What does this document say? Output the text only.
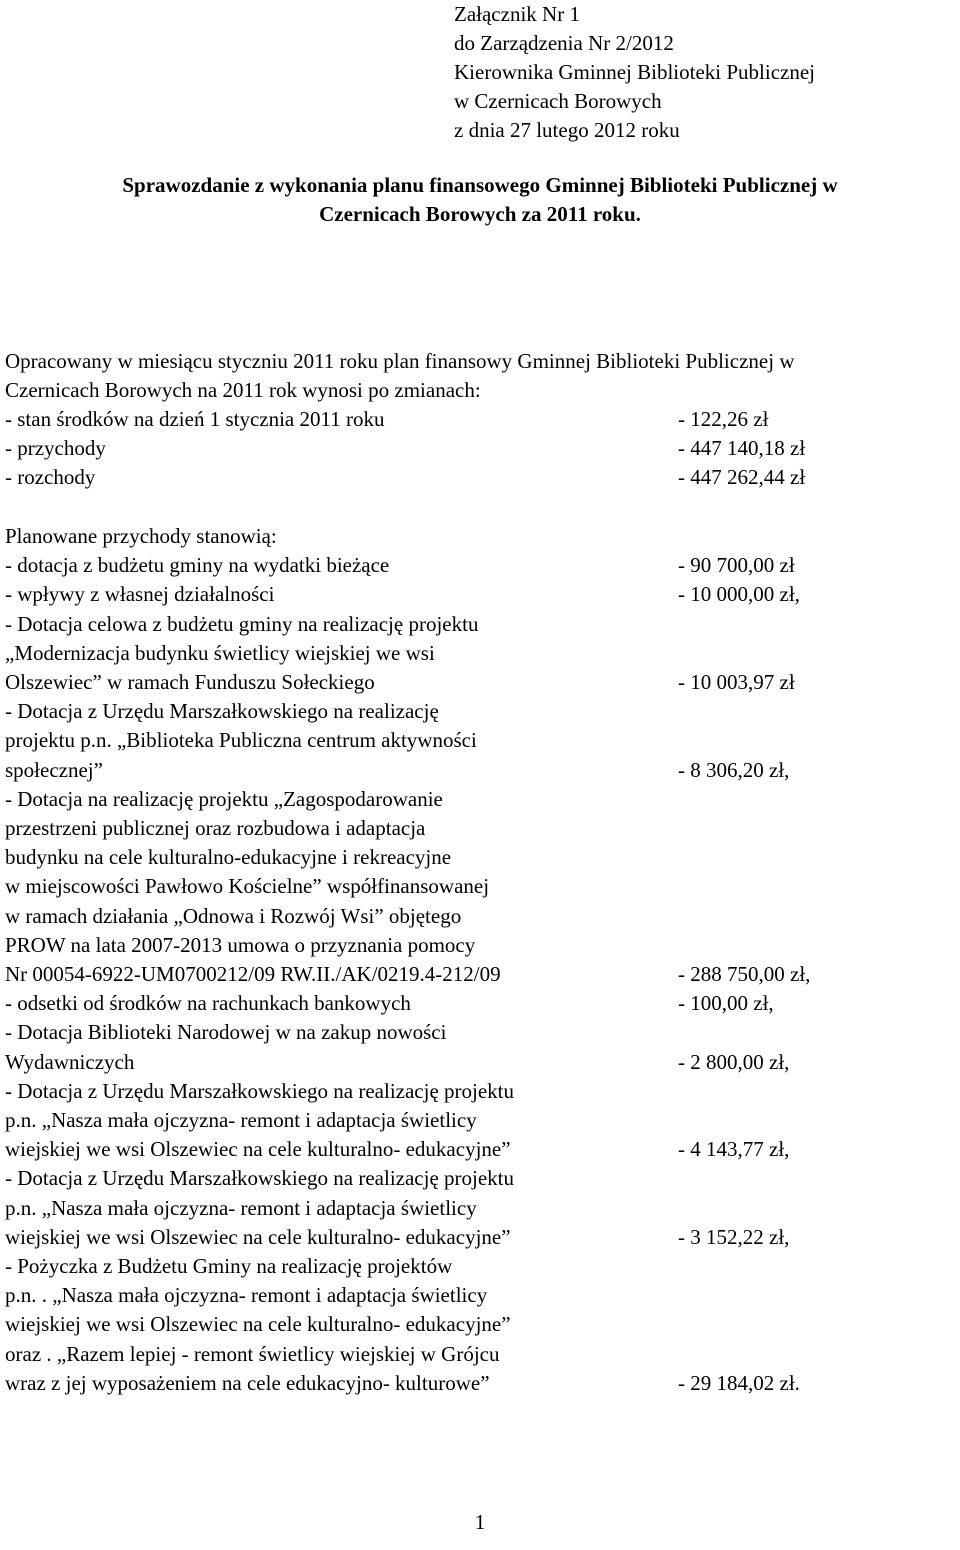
Załącznik Nr 1
do Zarządzenia Nr 2/2012
Kierownika Gminnej Biblioteki Publicznej
w Czernicach Borowych
z dnia 27 lutego 2012 roku
Sprawozdanie z wykonania planu finansowego Gminnej Biblioteki Publicznej w
Czernicach Borowych za 2011 roku.
Opracowany w miesiącu styczniu 2011 roku plan finansowy Gminnej Biblioteki Publicznej w
Czernicach Borowych na 2011 rok wynosi po zmianach:
- stan środków na dzień 1 stycznia 2011 roku	- 122,26 zł
- przychody	- 447 140,18 zł
- rozchody	- 447 262,44 zł
Planowane przychody stanowią:
- dotacja z budżetu gminy na wydatki bieżące	- 90 700,00 zł
- wpływy z własnej działalności	- 10 000,00 zł,
- Dotacja celowa z budżetu gminy na realizację projektu
„Modernizacja budynku świetlicy wiejskiej we wsi
Olszewiec” w ramach Funduszu Sołeckiego	- 10 003,97 zł
- Dotacja z Urzędu Marszałkowskiego na realizację
projektu p.n. „Biblioteka Publiczna centrum aktywności
społecznej”	- 8 306,20 zł,
- Dotacja na realizację projektu „Zagospodarowanie
przestrzeni publicznej oraz rozbudowa i adaptacja
budynku na cele kulturalno-edukacyjne i rekreacyjne
w miejscowości Pawłowo Kościelne” współfinansowanej
w ramach działania „Odnowa i Rozwój Wsi” objętego
PROW na lata 2007-2013 umowa o przyznania pomocy
Nr 00054-6922-UM0700212/09 RW.II./AK/0219.4-212/09	- 288 750,00 zł,
- odsetki od środków na rachunkach bankowych	- 100,00 zł,
- Dotacja Biblioteki Narodowej w na zakup nowości
Wydawniczych	- 2 800,00 zł,
- Dotacja z Urzędu Marszałkowskiego na realizację projektu
p.n. „Nasza mała ojczyzna- remont i adaptacja świetlicy
wiejskiej we wsi Olszewiec na cele kulturalno- edukacyjne”	- 4 143,77 zł,
- Dotacja z Urzędu Marszałkowskiego na realizację projektu
p.n. „Nasza mała ojczyzna- remont i adaptacja świetlicy
wiejskiej we wsi Olszewiec na cele kulturalno- edukacyjne”	- 3 152,22 zł,
- Pożyczka z Budżetu Gminy na realizację projektów
p.n. . „Nasza mała ojczyzna- remont i adaptacja świetlicy
wiejskiej we wsi Olszewiec na cele kulturalno- edukacyjne”
oraz . „Razem lepiej - remont świetlicy wiejskiej w Grójcu
wraz z jej wyposażeniem na cele edukacyjno- kulturowe”	- 29 184,02 zł.
1
